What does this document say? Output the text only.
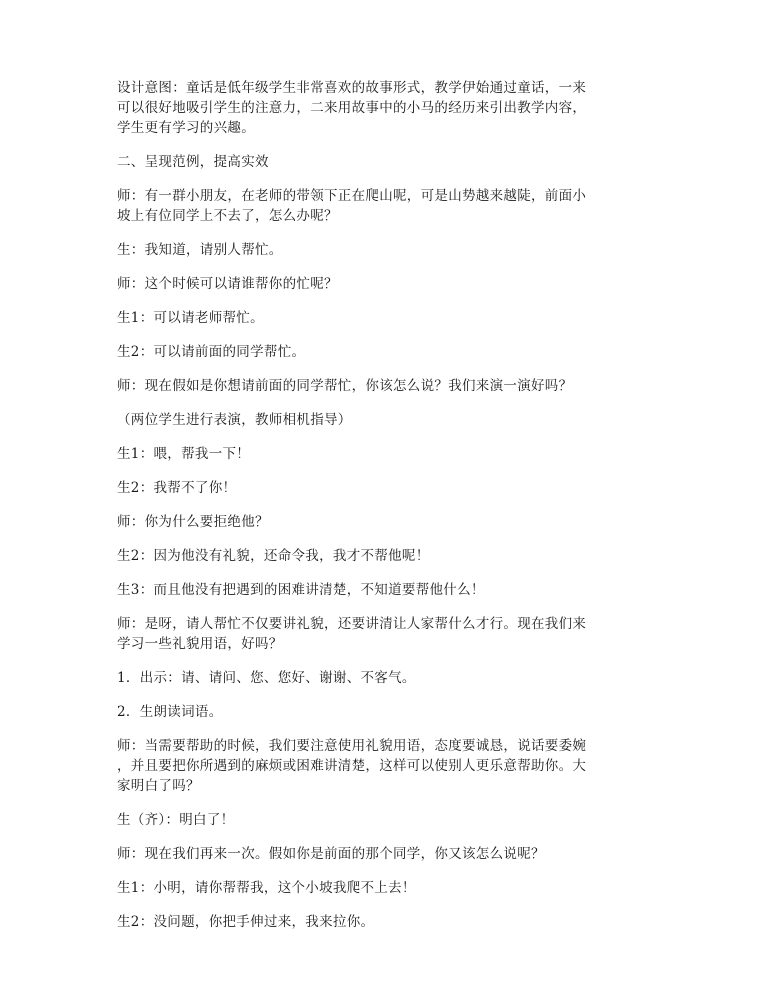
设计意图：童话是低年级学生非常喜欢的故事形式，教学伊始通过童话，一来
可以很好地吸引学生的注意力，二来用故事中的小马的经历来引出教学内容，
学生更有学习的兴趣。

二、呈现范例，提高实效

师：有一群小朋友，在老师的带领下正在爬山呢，可是山势越来越陡，前面小
坡上有位同学上不去了，怎么办呢？

生：我知道，请别人帮忙。

师：这个时候可以请谁帮你的忙呢？

生1：可以请老师帮忙。

生2：可以请前面的同学帮忙。

师：现在假如是你想请前面的同学帮忙，你该怎么说？我们来演一演好吗？

（两位学生进行表演，教师相机指导）

生1：喂，帮我一下！

生2：我帮不了你！

师：你为什么要拒绝他？

生2：因为他没有礼貌，还命令我，我才不帮他呢！

生3：而且他没有把遇到的困难讲清楚，不知道要帮他什么！

师：是呀，请人帮忙不仅要讲礼貌，还要讲清让人家帮什么才行。现在我们来
学习一些礼貌用语，好吗？

1．出示：请、请问、您、您好、谢谢、不客气。

2．生朗读词语。

师：当需要帮助的时候，我们要注意使用礼貌用语，态度要诚恳，说话要委婉
，并且要把你所遇到的麻烦或困难讲清楚，这样可以使别人更乐意帮助你。大
家明白了吗？

生（齐）：明白了！

师：现在我们再来一次。假如你是前面的那个同学，你又该怎么说呢？

生1：小明，请你帮帮我，这个小坡我爬不上去！

生2：没问题，你把手伸过来，我来拉你。
